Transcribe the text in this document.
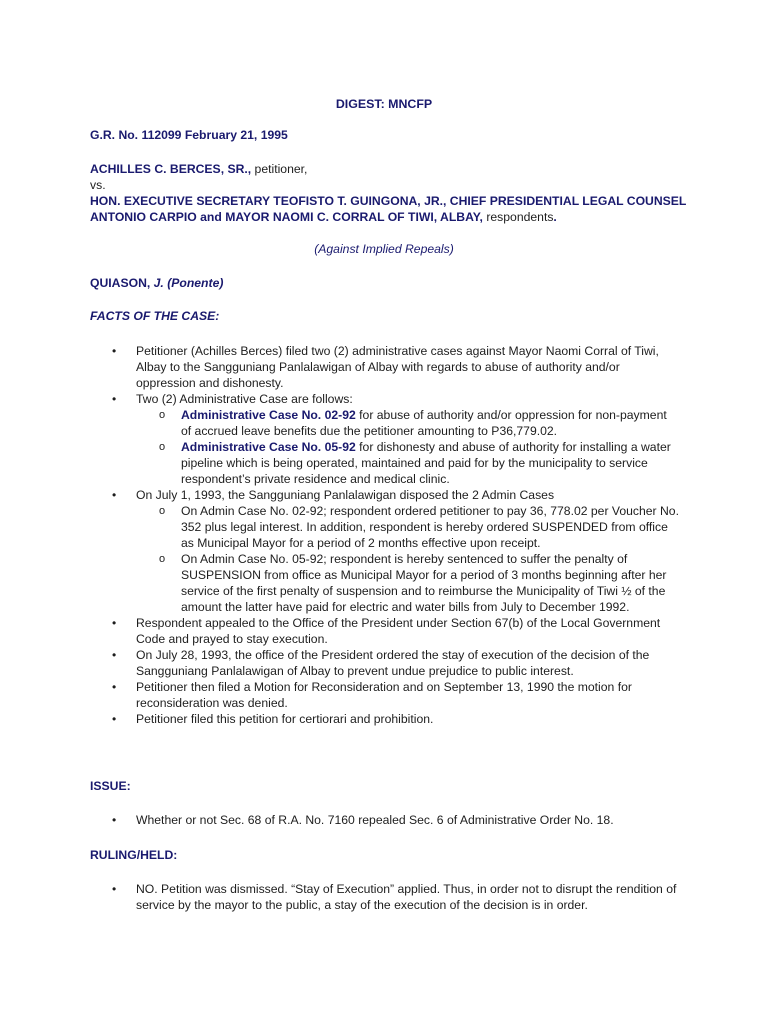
DIGEST: MNCFP
G.R. No. 112099 February 21, 1995
ACHILLES C. BERCES, SR., petitioner,
vs.
HON. EXECUTIVE SECRETARY TEOFISTO T. GUINGONA, JR., CHIEF PRESIDENTIAL LEGAL COUNSEL ANTONIO CARPIO and MAYOR NAOMI C. CORRAL OF TIWI, ALBAY, respondents.
(Against Implied Repeals)
QUIASON, J. (Ponente)
FACTS OF THE CASE:
• Petitioner (Achilles Berces) filed two (2) administrative cases against Mayor Naomi Corral of Tiwi, Albay to the Sangguniang Panlalawigan of Albay with regards to abuse of authority and/or oppression and dishonesty.
• Two (2) Administrative Case are follows:
o Administrative Case No. 02-92 for abuse of authority and/or oppression for non-payment of accrued leave benefits due the petitioner amounting to P36,779.02.
o Administrative Case No. 05-92 for dishonesty and abuse of authority for installing a water pipeline which is being operated, maintained and paid for by the municipality to service respondent’s private residence and medical clinic.
• On July 1, 1993, the Sangguniang Panlalawigan disposed the 2 Admin Cases
o On Admin Case No. 02-92; respondent ordered petitioner to pay 36, 778.02 per Voucher No. 352 plus legal interest. In addition, respondent is hereby ordered SUSPENDED from office as Municipal Mayor for a period of 2 months effective upon receipt.
o On Admin Case No. 05-92; respondent is hereby sentenced to suffer the penalty of SUSPENSION from office as Municipal Mayor for a period of 3 months beginning after her service of the first penalty of suspension and to reimburse the Municipality of Tiwi ½ of the amount the latter have paid for electric and water bills from July to December 1992.
• Respondent appealed to the Office of the President under Section 67(b) of the Local Government Code and prayed to stay execution.
• On July 28, 1993, the office of the President ordered the stay of execution of the decision of the Sangguniang Panlalawigan of Albay to prevent undue prejudice to public interest.
• Petitioner then filed a Motion for Reconsideration and on September 13, 1990 the motion for reconsideration was denied.
• Petitioner filed this petition for certiorari and prohibition.
ISSUE:
• Whether or not Sec. 68 of R.A. No. 7160 repealed Sec. 6 of Administrative Order No. 18.
RULING/HELD:
• NO. Petition was dismissed. “Stay of Execution” applied. Thus, in order not to disrupt the rendition of service by the mayor to the public, a stay of the execution of the decision is in order.
